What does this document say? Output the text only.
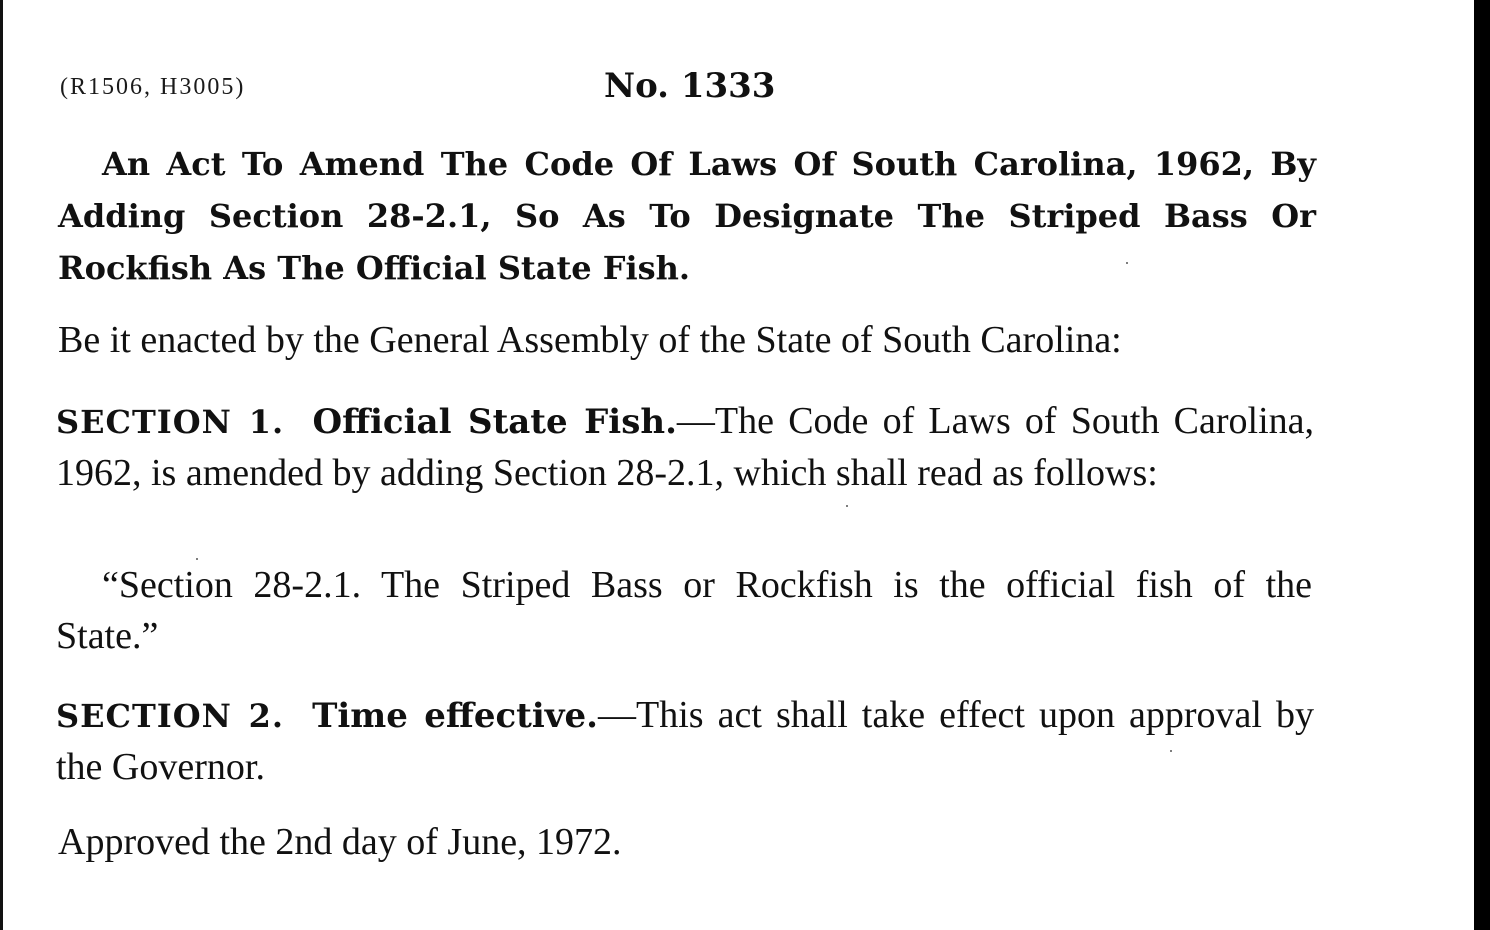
(R1506, H3005)	No. 1333
An Act To Amend The Code Of Laws Of South Carolina, 1962, By Adding Section 28-2.1, So As To Designate The Striped Bass Or Rockfish As The Official State Fish.
Be it enacted by the General Assembly of the State of South Carolina:
SECTION 1. Official State Fish.—The Code of Laws of South Carolina, 1962, is amended by adding Section 28-2.1, which shall read as follows:
“Section 28-2.1. The Striped Bass or Rockfish is the official fish of the State.”
SECTION 2. Time effective.—This act shall take effect upon approval by the Governor.
Approved the 2nd day of June, 1972.
